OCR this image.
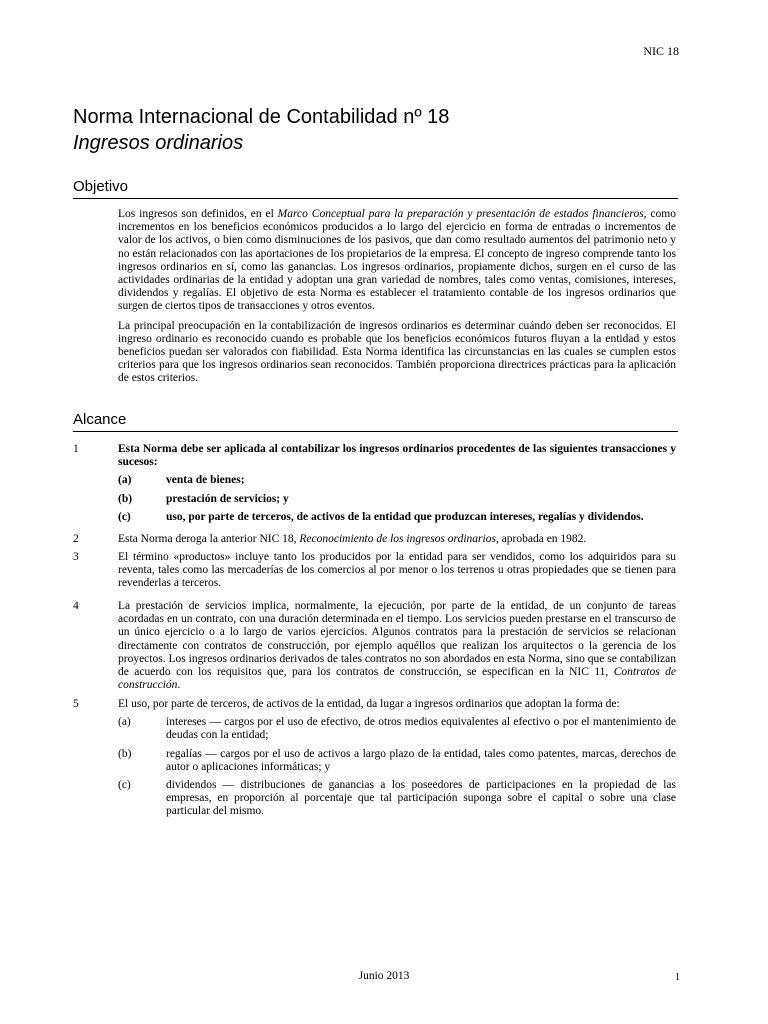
NIC 18
Norma Internacional de Contabilidad nº 18
Ingresos ordinarios
Objetivo

Los ingresos son definidos, en el Marco Conceptual para la preparación y presentación de estados financieros, como incrementos en los beneficios económicos producidos a lo largo del ejercicio en forma de entradas o incrementos de valor de los activos, o bien como disminuciones de los pasivos, que dan como resultado aumentos del patrimonio neto y no están relacionados con las aportaciones de los propietarios de la empresa. El concepto de ingreso comprende tanto los ingresos ordinarios en sí, como las ganancias. Los ingresos ordinarios, propiamente dichos, surgen en el curso de las actividades ordinarias de la entidad y adoptan una gran variedad de nombres, tales como ventas, comisiones, intereses, dividendos y regalías. El objetivo de esta Norma es establecer el tratamiento contable de los ingresos ordinarios que surgen de ciertos tipos de transacciones y otros eventos.

La principal preocupación en la contabilización de ingresos ordinarios es determinar cuándo deben ser reconocidos. El ingreso ordinario es reconocido cuando es probable que los beneficios económicos futuros fluyan a la entidad y estos beneficios puedan ser valorados con fiabilidad. Esta Norma identifica las circunstancias en las cuales se cumplen estos criterios para que los ingresos ordinarios sean reconocidos. También proporciona directrices prácticas para la aplicación de estos criterios.

Alcance
1	Esta Norma debe ser aplicada al contabilizar los ingresos ordinarios procedentes de las siguientes transacciones y sucesos:
(a)	venta de bienes;
(b)	prestación de servicios; y
(c)	uso, por parte de terceros, de activos de la entidad que produzcan intereses, regalías y dividendos.
2	Esta Norma deroga la anterior NIC 18, Reconocimiento de los ingresos ordinarios, aprobada en 1982.
3	El término «productos» incluye tanto los producidos por la entidad para ser vendidos, como los adquiridos para su reventa, tales como las mercaderías de los comercios al por menor o los terrenos u otras propiedades que se tienen para revenderlas a terceros.
4	La prestación de servicios implica, normalmente, la ejecución, por parte de la entidad, de un conjunto de tareas acordadas en un contrato, con una duración determinada en el tiempo. Los servicios pueden prestarse en el transcurso de un único ejercicio o a lo largo de varios ejercicios. Algunos contratos para la prestación de servicios se relacionan directamente con contratos de construcción, por ejemplo aquéllos que realizan los arquitectos o la gerencia de los proyectos. Los ingresos ordinarios derivados de tales contratos no son abordados en esta Norma, sino que se contabilizan de acuerdo con los requisitos que, para los contratos de construcción, se especifican en la NIC 11, Contratos de construcción.
5	El uso, por parte de terceros, de activos de la entidad, da lugar a ingresos ordinarios que adoptan la forma de:
(a)	intereses — cargos por el uso de efectivo, de otros medios equivalentes al efectivo o por el mantenimiento de deudas con la entidad;
(b)	regalías — cargos por el uso de activos a largo plazo de la entidad, tales como patentes, marcas, derechos de autor o aplicaciones informáticas; y
(c)	dividendos — distribuciones de ganancias a los poseedores de participaciones en la propiedad de las empresas, en proporción al porcentaje que tal participación suponga sobre el capital o sobre una clase particular del mismo.
Junio 2013	1
